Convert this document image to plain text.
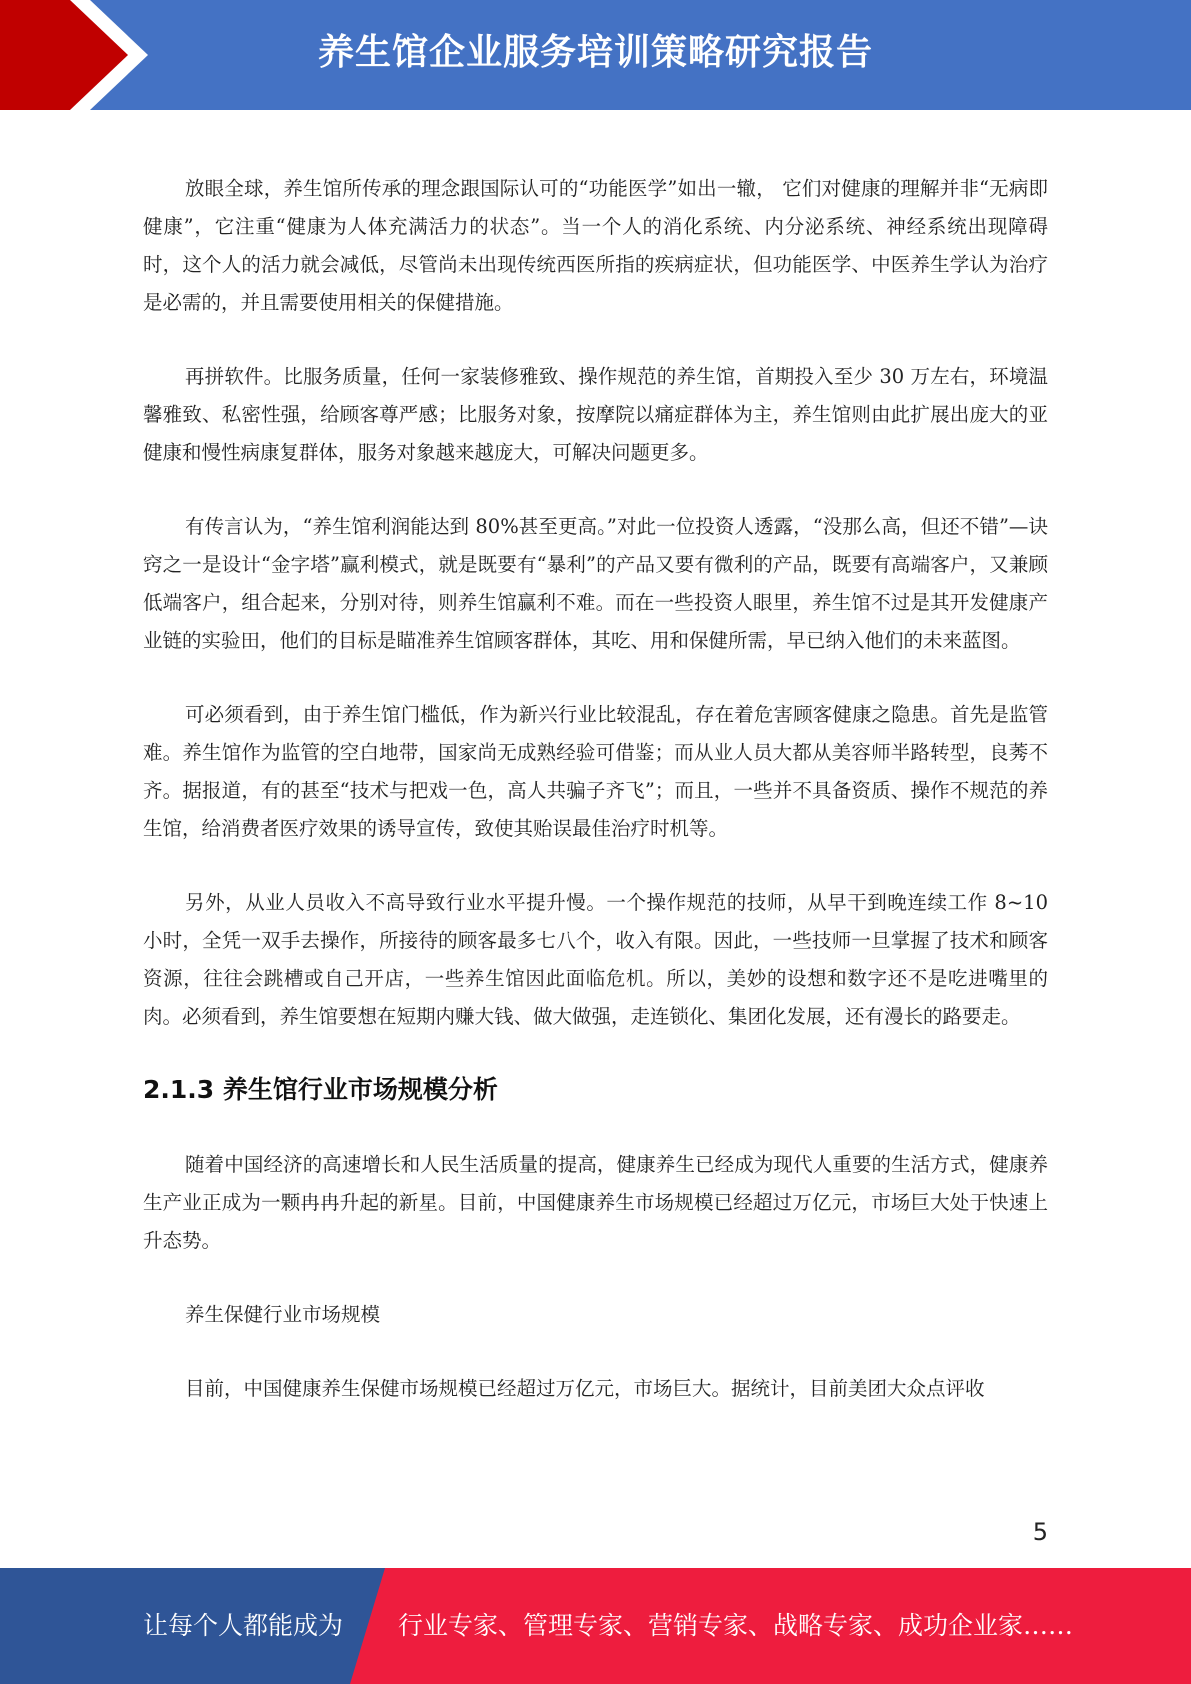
养生馆企业服务培训策略研究报告

放眼全球，养生馆所传承的理念跟国际认可的“功能医学”如出一辙， 它们对健康的理解并非“无病即健康”，它注重“健康为人体充满活力的状态”。当一个人的消化系统、内分泌系统、神经系统出现障碍时，这个人的活力就会减低，尽管尚未出现传统西医所指的疾病症状，但功能医学、中医养生学认为治疗是必需的，并且需要使用相关的保健措施。

再拼软件。比服务质量，任何一家装修雅致、操作规范的养生馆，首期投入至少 30 万左右，环境温馨雅致、私密性强，给顾客尊严感；比服务对象，按摩院以痛症群体为主，养生馆则由此扩展出庞大的亚健康和慢性病康复群体，服务对象越来越庞大，可解决问题更多。

有传言认为，“养生馆利润能达到 80%甚至更高。”对此一位投资人透露，“没那么高，但还不错”—诀窍之一是设计“金字塔”赢利模式，就是既要有“暴利”的产品又要有微利的产品，既要有高端客户，又兼顾低端客户，组合起来，分别对待，则养生馆赢利不难。而在一些投资人眼里，养生馆不过是其开发健康产业链的实验田，他们的目标是瞄准养生馆顾客群体，其吃、用和保健所需，早已纳入他们的未来蓝图。

可必须看到，由于养生馆门槛低，作为新兴行业比较混乱，存在着危害顾客健康之隐患。首先是监管难。养生馆作为监管的空白地带，国家尚无成熟经验可借鉴；而从业人员大都从美容师半路转型，良莠不齐。据报道，有的甚至“技术与把戏一色，高人共骗子齐飞”；而且，一些并不具备资质、操作不规范的养生馆，给消费者医疗效果的诱导宣传，致使其贻误最佳治疗时机等。

另外，从业人员收入不高导致行业水平提升慢。一个操作规范的技师，从早干到晚连续工作 8~10 小时，全凭一双手去操作，所接待的顾客最多七八个，收入有限。因此，一些技师一旦掌握了技术和顾客资源，往往会跳槽或自己开店，一些养生馆因此面临危机。所以，美妙的设想和数字还不是吃进嘴里的肉。必须看到，养生馆要想在短期内赚大钱、做大做强，走连锁化、集团化发展，还有漫长的路要走。

2.1.3 养生馆行业市场规模分析

随着中国经济的高速增长和人民生活质量的提高，健康养生已经成为现代人重要的生活方式，健康养生产业正成为一颗冉冉升起的新星。目前，中国健康养生市场规模已经超过万亿元，市场巨大处于快速上升态势。

养生保健行业市场规模

目前，中国健康养生保健市场规模已经超过万亿元，市场巨大。据统计，目前美团大众点评收

5
让每个人都能成为 行业专家、管理专家、营销专家、战略专家、成功企业家……
